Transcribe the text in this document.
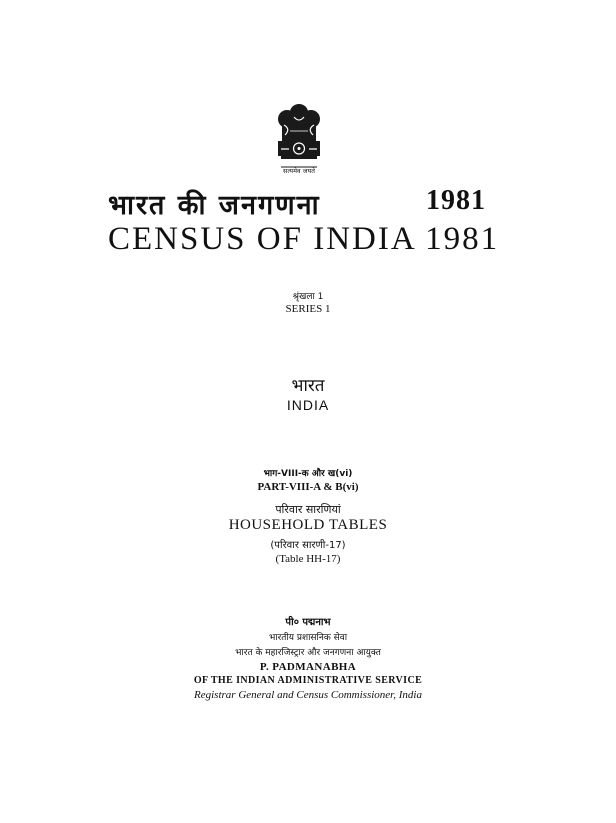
सत्यमेव जयते
भारत की जनगणना	1981
CENSUS OF INDIA 1981
श्रृंखला 1
SERIES 1
भारत
INDIA
भाग-VIII-क और ख(vi)
PART-VIII-A & B(vi)
परिवार सारणियां
HOUSEHOLD TABLES
(परिवार सारणी-17)
(Table HH-17)
पी० पद्मनाभ
भारतीय प्रशासनिक सेवा
भारत के महारजिस्ट्रार और जनगणना आयुक्त
P. PADMANABHA
OF THE INDIAN ADMINISTRATIVE SERVICE
Registrar General and Census Commissioner, India
